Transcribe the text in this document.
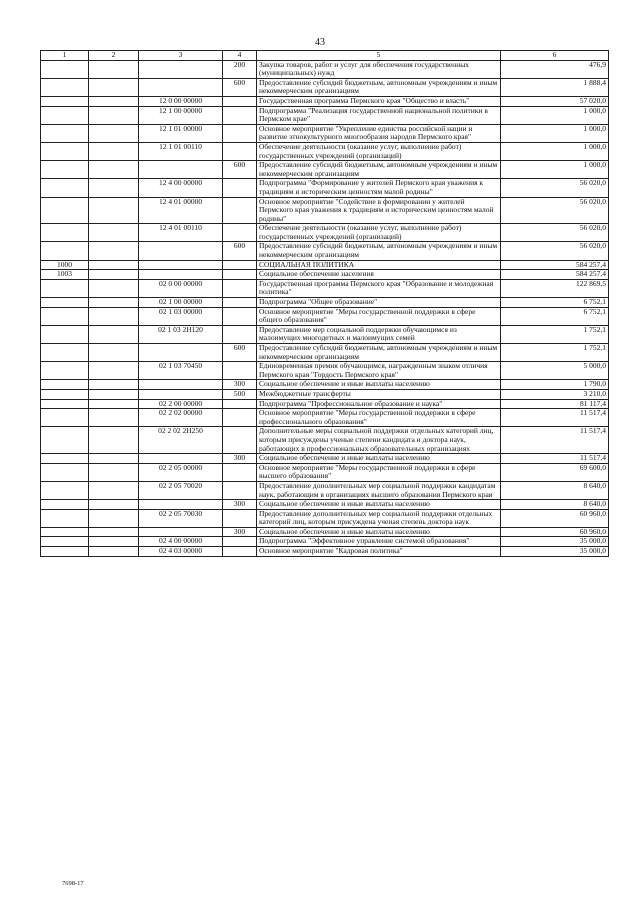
43
1	2	3	4	5	6
			200	Закупка товаров, работ и услуг для обеспечения государственных (муниципальных) нужд	476,9
			600	Предоставление субсидий бюджетным, автономным учреждениям и иным некоммерческим организациям	1 888,4
		12 0 00 00000		Государственная программа Пермского края "Общество и власть"	57 020,0
		12 1 00 00000		Подпрограмма "Реализация государственной национальной политики в Пермском крае"	1 000,0
		12 1 01 00000		Основное мероприятие "Укрепление единства российской нации и развитие этнокультурного многообразия народов Пермского края"	1 000,0
		12 1 01 00110		Обеспечение деятельности (оказание услуг, выполнение работ) государственных учреждений (организаций)	1 000,0
			600	Предоставление субсидий бюджетным, автономным учреждениям и иным некоммерческим организациям	1 000,0
		12 4 00 00000		Подпрограмма "Формирование у жителей Пермского края уважения к традициям и историческим ценностям малой родины"	56 020,0
		12 4 01 00000		Основное мероприятие "Содействие в формировании у жителей Пермского края уважения к традициям и историческим ценностям малой родины"	56 020,0
		12 4 01 00110		Обеспечение деятельности (оказание услуг, выполнение работ) государственных учреждений (организаций)	56 020,0
			600	Предоставление субсидий бюджетным, автономным учреждениям и иным некоммерческим организациям	56 020,0
1000				СОЦИАЛЬНАЯ ПОЛИТИКА	584 257,4
1003				Социальное обеспечение населения	584 257,4
		02 0 00 00000		Государственная программа Пермского края "Образование и молодежная политика"	122 869,5
		02 1 00 00000		Подпрограмма "Общее образование"	6 752,1
		02 1 03 00000		Основное мероприятие "Меры государственной поддержки в сфере общего образования"	6 752,1
		02 1 03 2Н120		Предоставление мер социальной поддержки обучающимся из малоимущих многодетных и малоимущих семей	1 752,1
			600	Предоставление субсидий бюджетным, автономным учреждениям и иным некоммерческим организациям	1 752,1
		02 1 03 70450		Единовременная премия обучающимся, награжденным знаком отличия Пермского края "Гордость Пермского края"	5 000,0
			300	Социальное обеспечение и иные выплаты населению	1 790,0
			500	Межбюджетные трансферты	3 210,0
		02 2 00 00000		Подпрограмма "Профессиональное образование и наука"	81 117,4
		02 2 02 00000		Основное мероприятие "Меры государственной поддержки в сфере профессионального образования"	11 517,4
		02 2 02 2Н250		Дополнительные меры социальной поддержки отдельных категорий лиц, которым присуждены ученые степени кандидата и доктора наук, работающих в профессиональных образовательных организациях	11 517,4
			300	Социальное обеспечение и иные выплаты населению	11 517,4
		02 2 05 00000		Основное мероприятие "Меры государственной поддержки в сфере высшего образования"	69 600,0
		02 2 05 70020		Предоставление дополнительных мер социальной поддержки кандидатам наук, работающим в организациях высшего образования Пермского края	8 640,0
			300	Социальное обеспечение и иные выплаты населению	8 640,0
		02 2 05 70030		Предоставление дополнительных мер социальной поддержки отдельных категорий лиц, которым присуждена ученая степень доктора наук	60 960,0
			300	Социальное обеспечение и иные выплаты населению	60 960,0
		02 4 00 00000		Подпрограмма "Эффективное управление системой образования"	35 000,0
		02 4 03 00000		Основное мероприятие "Кадровая политика"	35 000,0
7698-17
